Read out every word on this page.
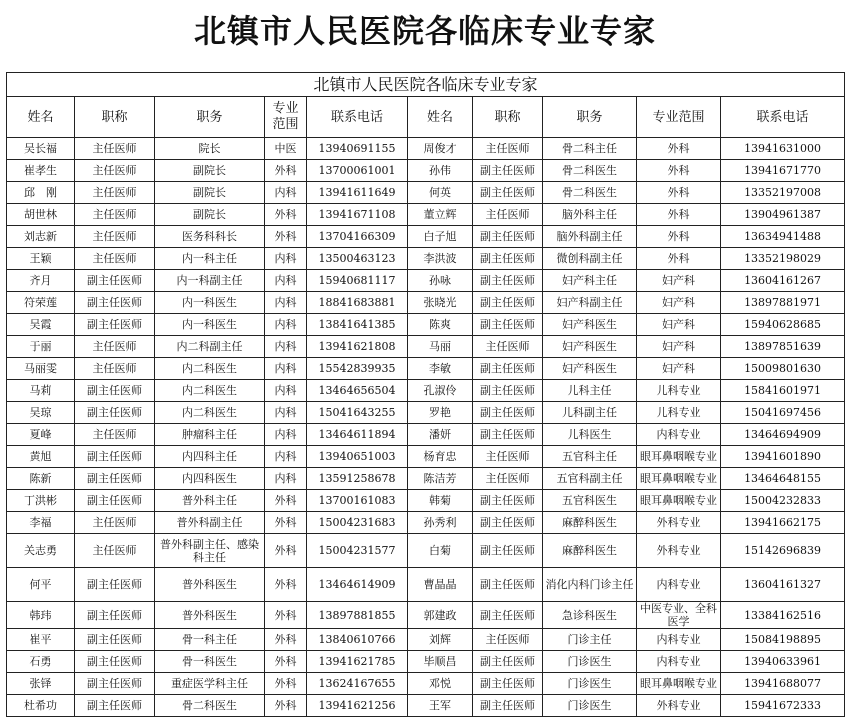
北镇市人民医院各临床专业专家
北镇市人民医院各临床专业专家									
姓名	职称	职务	专业范围	联系电话	姓名	职称	职务	专业范围	联系电话
吴长福	主任医师	院长	中医	13940691155	周俊才	主任医师	骨二科主任	外科	13941631000
崔孝生	主任医师	副院长	外科	13700061001	孙伟	副主任医师	骨二科医生	外科	13941671770
邱　刚	主任医师	副院长	内科	13941611649	何英	副主任医师	骨二科医生	外科	13352197008
胡世林	主任医师	副院长	外科	13941671108	董立辉	主任医师	脑外科主任	外科	13904961387
刘志新	主任医师	医务科科长	外科	13704166309	白子旭	副主任医师	脑外科副主任	外科	13634941488
王颖	主任医师	内一科主任	内科	13500463123	李洪波	副主任医师	微创科副主任	外科	13352198029
齐月	副主任医师	内一科副主任	内科	15940681117	孙咏	副主任医师	妇产科主任	妇产科	13604161267
符荣莲	副主任医师	内一科医生	内科	18841683881	张晓光	副主任医师	妇产科副主任	妇产科	13897881971
吴霞	副主任医师	内一科医生	内科	13841641385	陈爽	副主任医师	妇产科医生	妇产科	15940628685
于丽	主任医师	内二科副主任	内科	13941621808	马丽	主任医师	妇产科医生	妇产科	13897851639
马丽雯	主任医师	内二科医生	内科	15542839935	李敏	副主任医师	妇产科医生	妇产科	15009801630
马莉	副主任医师	内二科医生	内科	13464656504	孔淑伶	副主任医师	儿科主任	儿科专业	15841601971
吴琼	副主任医师	内二科医生	内科	15041643255	罗艳	副主任医师	儿科副主任	儿科专业	15041697456
夏峰	主任医师	肿瘤科主任	内科	13464611894	潘妍	副主任医师	儿科医生	内科专业	13464694909
黄旭	副主任医师	内四科主任	内科	13940651003	杨育忠	主任医师	五官科主任	眼耳鼻咽喉专业	13941601890
陈新	副主任医师	内四科医生	内科	13591258678	陈洁芳	主任医师	五官科副主任	眼耳鼻咽喉专业	13464648155
丁洪彬	副主任医师	普外科主任	外科	13700161083	韩菊	副主任医师	五官科医生	眼耳鼻咽喉专业	15004232833
李福	主任医师	普外科副主任	外科	15004231683	孙秀利	副主任医师	麻醉科医生	外科专业	13941662175
关志勇	主任医师	普外科副主任、感染科主任	外科	15004231577	白菊	副主任医师	麻醉科医生	外科专业	15142696839
何平	副主任医师	普外科医生	外科	13464614909	曹晶晶	副主任医师	消化内科门诊主任	内科专业	13604161327
韩玮	副主任医师	普外科医生	外科	13897881855	郭建政	副主任医师	急诊科医生	中医专业、全科医学	13384162516
崔平	副主任医师	骨一科主任	外科	13840610766	刘辉	主任医师	门诊主任	内科专业	15084198895
石勇	副主任医师	骨一科医生	外科	13941621785	毕顺昌	副主任医师	门诊医生	内科专业	13940633961
张铎	副主任医师	重症医学科主任	外科	13624167655	邓悦	副主任医师	门诊医生	眼耳鼻咽喉专业	13941688077
杜希功	副主任医师	骨二科医生	外科	13941621256	王军	副主任医师	门诊医生	外科专业	15941672333
